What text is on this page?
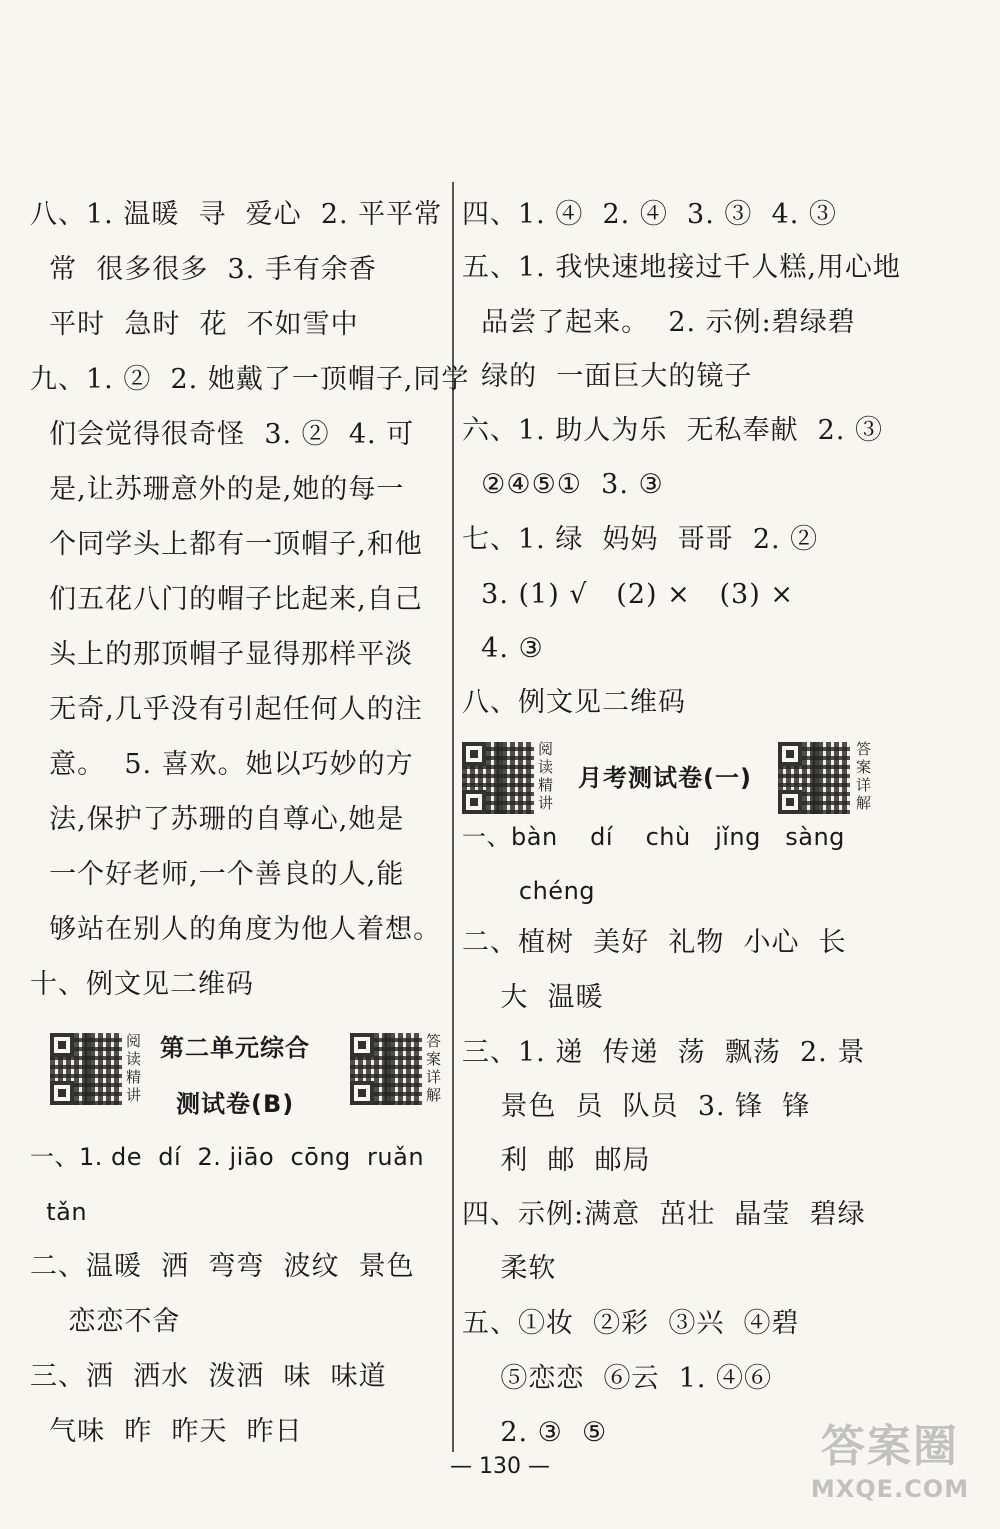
八、1. 温暖  寻  爱心  2. 平平常
常  很多很多  3. 手有余香
平时  急时  花  不如雪中
九、1. ②  2. 她戴了一顶帽子,同学
们会觉得很奇怪  3. ②  4. 可
是,让苏珊意外的是,她的每一
个同学头上都有一顶帽子,和他
们五花八门的帽子比起来,自己
头上的那顶帽子显得那样平淡
无奇,几乎没有引起任何人的注
意。  5. 喜欢。她以巧妙的方
法,保护了苏珊的自尊心,她是
一个好老师,一个善良的人,能
够站在别人的角度为他人着想。
十、例文见二维码
阅读精讲
第二单元综合
测试卷(B)
答案详解
一、1. de  dí  2. jiāo  cōng  ruǎn
tǎn
二、温暖  洒  弯弯  波纹  景色
恋恋不舍
三、洒  洒水  泼洒  味  味道
气味  昨  昨天  昨日
四、1. ④  2. ④  3. ③  4. ③
五、1. 我快速地接过千人糕,用心地
品尝了起来。  2. 示例:碧绿碧
绿的  一面巨大的镜子
六、1. 助人为乐  无私奉献  2. ③
②④⑤①  3. ③
七、1. 绿  妈妈  哥哥  2. ②
3. (1) √   (2) ×   (3) ×
4. ③
八、例文见二维码
阅读精讲
月考测试卷(一)
答案详解
一、bàn    dí    chù   jǐng   sàng
chéng
二、植树  美好  礼物  小心  长
大  温暖
三、1. 递  传递  荡  飘荡  2. 景
景色  员  队员  3. 锋  锋
利  邮  邮局
四、示例:满意  茁壮  晶莹  碧绿
柔软
五、①妆  ②彩  ③兴  ④碧
⑤恋恋  ⑥云  1. ④⑥
2. ③  ⑤
— 130 —	答案圈
MXQE.COM
